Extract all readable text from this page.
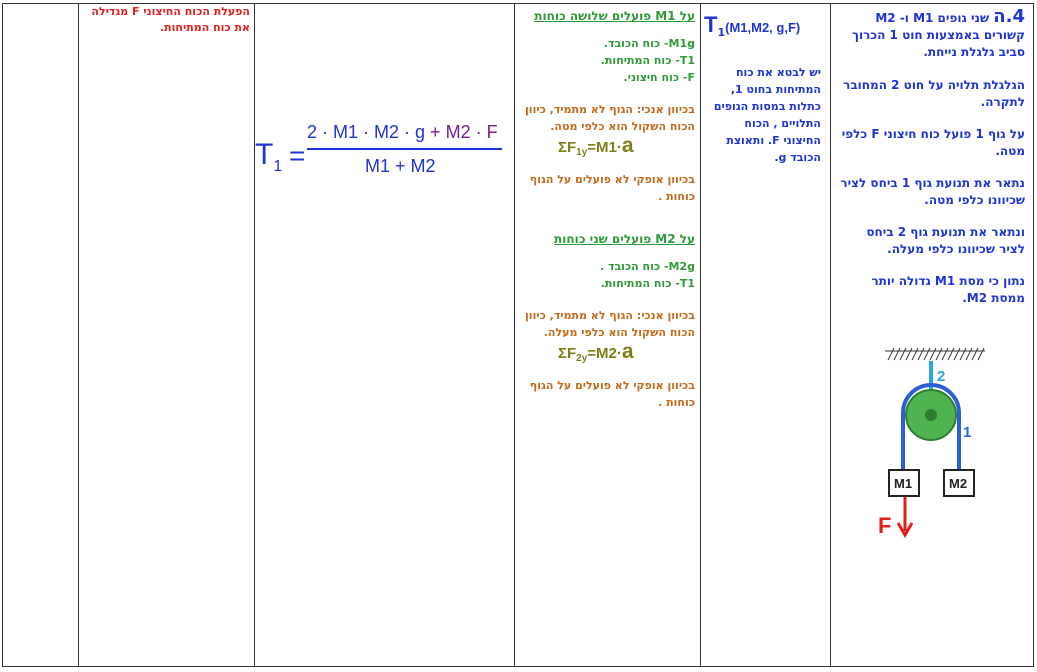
4.ה שני גופים M1 ו- M2 קשורים באמצעות חוט 1 הכרוך סביב גלגלת נייחת.

הגלגלת תלויה על חוט 2 המחובר לתקרה.

על גוף 1 פועל כוח חיצוני F כלפי מטה.

נתאר את תנועת גוף 1 ביחס לציר שכיוונו כלפי מטה.

ונתאר את תנועת גוף 2 ביחס לציר שכיוונו כלפי מעלה.

נתון כי מסת M1 גדולה יותר ממסת M2.

2
1
M1	M2
F
$T_1(M1,M2$, g,F)
יש לבטא את כוח המתיחות בחוט 1, כתלות במסות הגופים התלויים , הכוח החיצוני F. ותאוצת הכובד g.
על M1 פועלים שלושה כוחות
M1g- כוח הכובד.
T1- כוח המתיחות.
F- כוח חיצוני.
בכיוון אנכי: הגוף לא מתמיד, כיוון הכוח השקול הוא כלפי מטה.
$\Sigma F_{1y}=M1\cdot a$
בכיוון אופקי לא פועלים על הגוף כוחות .
על M2 פועלים שני כוחות
M2g- כוח הכובד .
T1- כוח המתיחות.
בכיוון אנכי: הגוף לא מתמיד, כיוון הכוח השקול הוא כלפי מעלה.
$\Sigma F_{2y}=M2\cdot a$
בכיוון אופקי לא פועלים על הגוף כוחות .
$T_1$ =
2 · M1 · M2 · g + M2 · F
M1 + M2
הפעלת הכוח החיצוני F מגדילה את כוח המתיחות.
